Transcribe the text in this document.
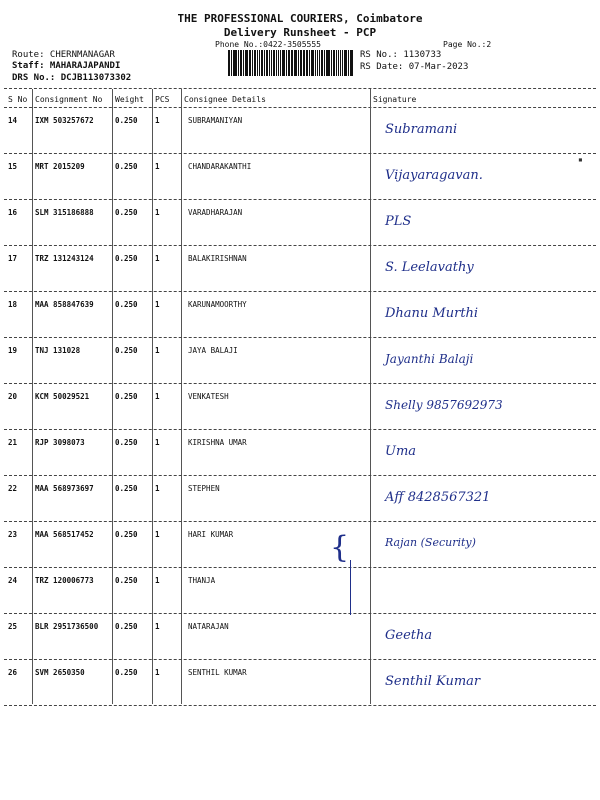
THE PROFESSIONAL COURIERS, Coimbatore
Delivery Runsheet - PCP
Phone No.:0422-3505555	Page No.:2
Route: CHERNMANAGAR
Staff: MAHARAJAPANDI
DRS No.: DCJB113073302
RS No.: 1130733
RS Date: 07-Mar-2023
S No Consignment No Weight PCS Consignee Details	Signature
14 IXM 503257672	0.250 1	SUBRAMANIYAN
Subramani
15 MRT 2015209	0.250 1	CHANDARAKANTHI
Vijayaragavan.
16 SLM 315186888	0.250 1	VARADHARAJAN
PLS
17 TRZ 131243124	0.250 1	BALAKIRISHNAN
S. Leelavathy
18 MAA 858847639	0.250 1	KARUNAMOORTHY
Dhanu Murthi
19 TNJ 131028	0.250 1	JAYA BALAJI
Jayanthi Balaji
20 KCM 50029521	0.250 1	VENKATESH
Shelly 9857692973
21 RJP 3098073	0.250 1	KIRISHNA UMAR
Uma
22 MAA 568973697	0.250 1	STEPHEN
Aff 8428567321
23 MAA 568517452	0.250 1	HARI KUMAR
Rajan (Security)
24 TRZ 120006773	0.250 1	THANJA
25 BLR 2951736500 0.250 1	NATARAJAN
Geetha
26 SVM 2650350	0.250 1	SENTHIL KUMAR
Senthil Kumar
{
▪
